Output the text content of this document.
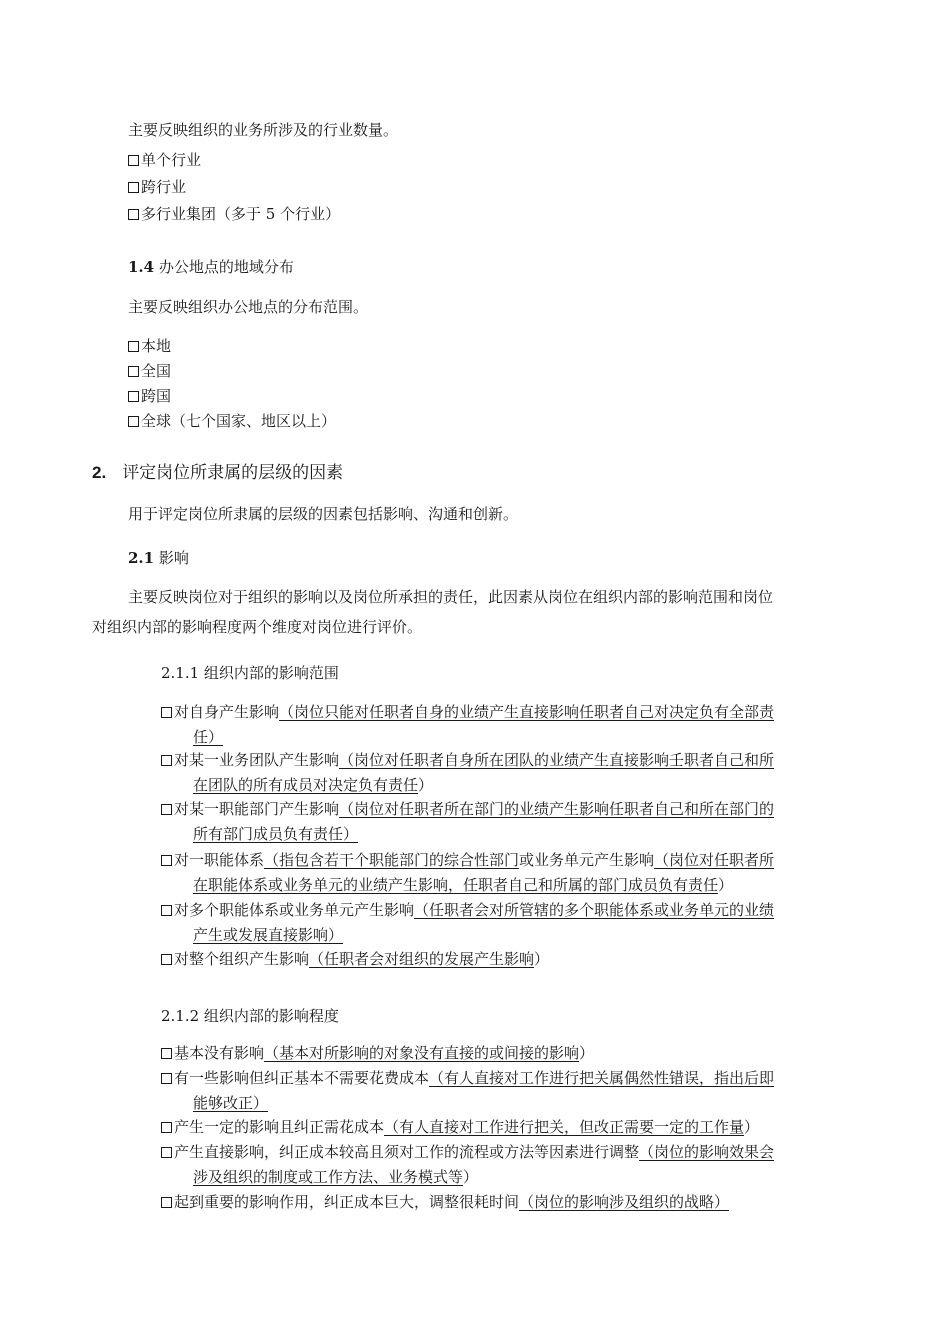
主要反映组织的业务所涉及的行业数量。
单个行业
跨行业
多行业集团（多于 5 个行业）
1.4 办公地点的地域分布
主要反映组织办公地点的分布范围。
本地
全国
跨国
全球（七个国家、地区以上）
2. 评定岗位所隶属的层级的因素
用于评定岗位所隶属的层级的因素包括影响、沟通和创新。
2.1 影响
主要反映岗位对于组织的影响以及岗位所承担的责任，此因素从岗位在组织内部的影响范围和岗位
对组织内部的影响程度两个维度对岗位进行评价。
2.1.1 组织内部的影响范围
对自身产生影响（岗位只能对任职者自身的业绩产生直接影响任职者自己对决定负有全部责
任）
对某一业务团队产生影响（岗位对任职者自身所在团队的业绩产生直接影响壬职者自己和所
在团队的所有成员对决定负有责任）
对某一职能部门产生影响（岗位对任职者所在部门的业绩产生影响任职者自己和所在部门的
所有部门成员负有责任）
对一职能体系（指包含若干个职能部门的综合性部门或业务单元产生影响（岗位对任职者所
在职能体系或业务单元的业绩产生影响，任职者自己和所属的部门成员负有责任）
对多个职能体系或业务单元产生影响（任职者会对所管辖的多个职能体系或业务单元的业绩
产生或发展直接影响）
对整个组织产生影响（任职者会对组织的发展产生影响）
2.1.2 组织内部的影响程度
基本没有影响（基本对所影响的对象没有直接的或间接的影响）
有一些影响但纠正基本不需要花费成本（有人直接对工作进行把关属偶然性错误，指出后即
能够改正）
产生一定的影响且纠正需花成本（有人直接对工作进行把关，但改正需要一定的工作量）
产生直接影响，纠正成本较高且须对工作的流程或方法等因素进行调整（岗位的影响效果会
涉及组织的制度或工作方法、业务模式等）
起到重要的影响作用，纠正成本巨大，调整很耗时间（岗位的影响涉及组织的战略）
